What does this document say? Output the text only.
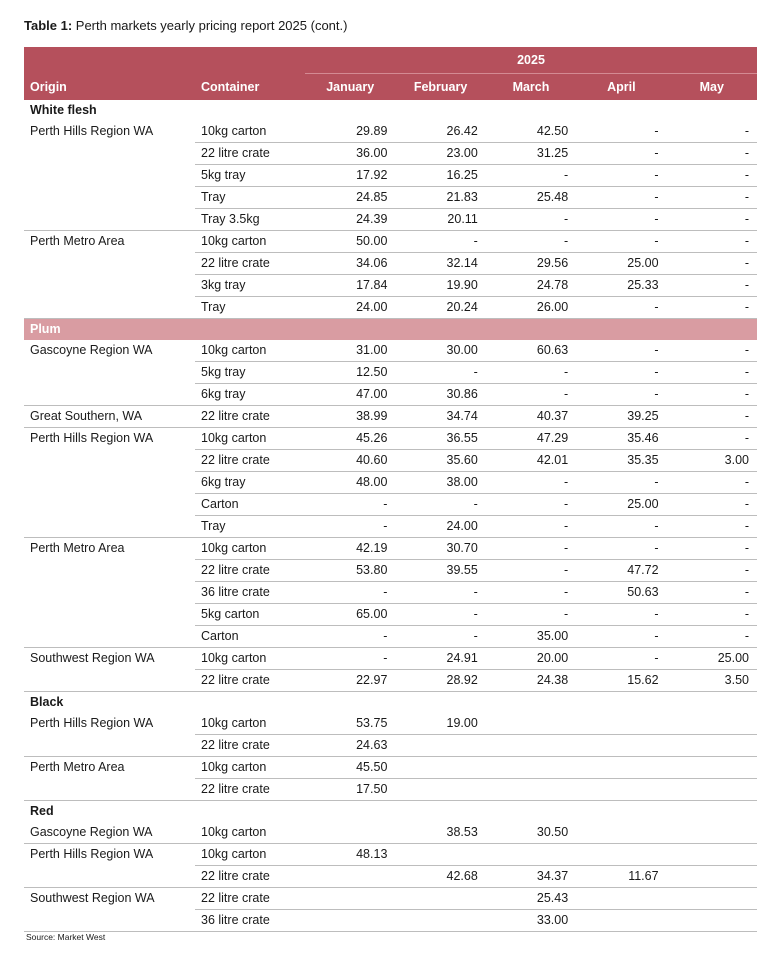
Table 1: Perth markets yearly pricing report 2025 (cont.)
		2025				
Origin	Container	January	February	March	April	May
White flesh						
Perth Hills Region WA	10kg carton	29.89	26.42	42.50	-	-
	22 litre crate	36.00	23.00	31.25	-	-
	5kg tray	17.92	16.25	-	-	-
	Tray	24.85	21.83	25.48	-	-
	Tray 3.5kg	24.39	20.11	-	-	-
Perth Metro Area	10kg carton	50.00	-	-	-	-
	22 litre crate	34.06	32.14	29.56	25.00	-
	3kg tray	17.84	19.90	24.78	25.33	-
	Tray	24.00	20.24	26.00	-	-
Plum						
Gascoyne Region WA	10kg carton	31.00	30.00	60.63	-	-
	5kg tray	12.50	-	-	-	-
	6kg tray	47.00	30.86	-	-	-
Great Southern, WA	22 litre crate	38.99	34.74	40.37	39.25	-
Perth Hills Region WA	10kg carton	45.26	36.55	47.29	35.46	-
	22 litre crate	40.60	35.60	42.01	35.35	3.00
	6kg tray	48.00	38.00	-	-	-
	Carton	-	-	-	25.00	-
	Tray	-	24.00	-	-	-
Perth Metro Area	10kg carton	42.19	30.70	-	-	-
	22 litre crate	53.80	39.55	-	47.72	-
	36 litre crate	-	-	-	50.63	-
	5kg carton	65.00	-	-	-	-
	Carton	-	-	35.00	-	-
Southwest Region WA	10kg carton	-	24.91	20.00	-	25.00
	22 litre crate	22.97	28.92	24.38	15.62	3.50
Black						
Perth Hills Region WA	10kg carton	53.75	19.00			
	22 litre crate	24.63				
Perth Metro Area	10kg carton	45.50				
	22 litre crate	17.50				
Red						
Gascoyne Region WA	10kg carton		38.53	30.50		
Perth Hills Region WA	10kg carton	48.13				
	22 litre crate		42.68	34.37	11.67	
Southwest Region WA	22 litre crate			25.43		
	36 litre crate			33.00		
Source: Market West
